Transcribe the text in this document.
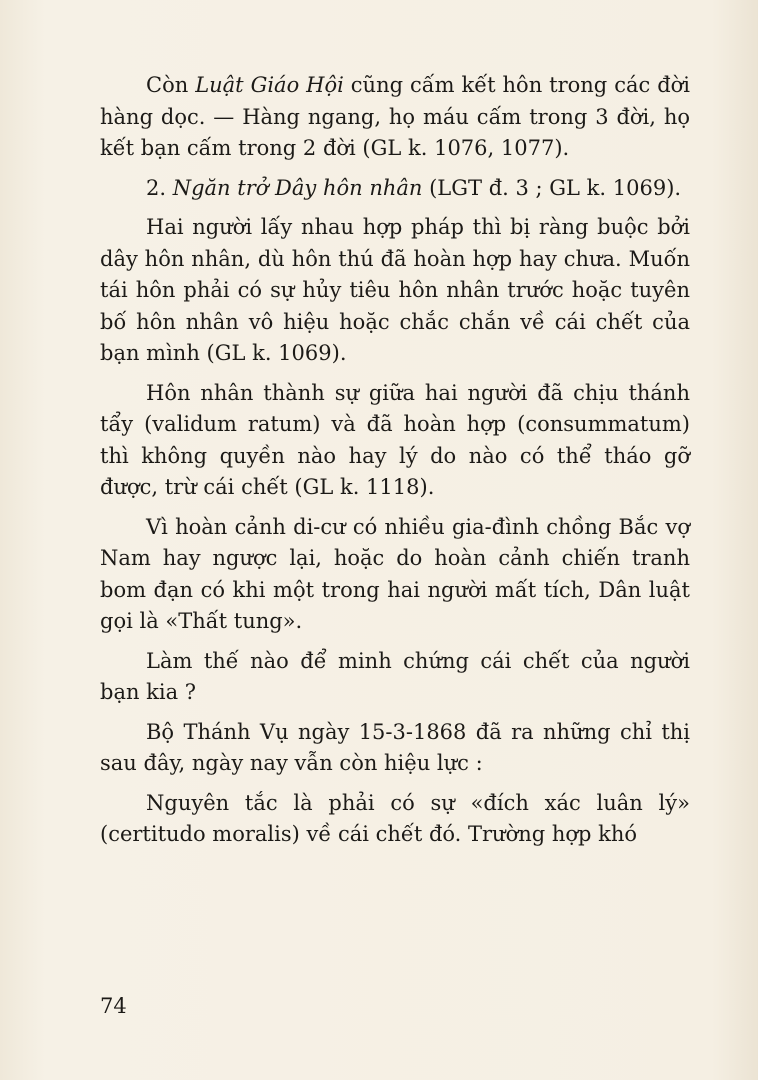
Còn Luật Giáo Hội cũng cấm kết hôn trong các đời hàng dọc. — Hàng ngang, họ máu cấm trong 3 đời, họ kết bạn cấm trong 2 đời (GL k. 1076, 1077).

2. Ngăn trở Dây hôn nhân (LGT đ. 3 ; GL k. 1069).

Hai người lấy nhau hợp pháp thì bị ràng buộc bởi dây hôn nhân, dù hôn thú đã hoàn hợp hay chưa. Muốn tái hôn phải có sự hủy tiêu hôn nhân trước hoặc tuyên bố hôn nhân vô hiệu hoặc chắc chắn về cái chết của bạn mình (GL k. 1069).

Hôn nhân thành sự giữa hai người đã chịu thánh tẩy (validum ratum) và đã hoàn hợp (consummatum) thì không quyền nào hay lý do nào có thể tháo gỡ được, trừ cái chết (GL k. 1118).

Vì hoàn cảnh di-cư có nhiều gia-đình chồng Bắc vợ Nam hay ngược lại, hoặc do hoàn cảnh chiến tranh bom đạn có khi một trong hai người mất tích, Dân luật gọi là «Thất tung».

Làm thế nào để minh chứng cái chết của người bạn kia ?

Bộ Thánh Vụ ngày 15-3-1868 đã ra những chỉ thị sau đây, ngày nay vẫn còn hiệu lực :

Nguyên tắc là phải có sự «đích xác luân lý» (certitudo moralis) về cái chết đó. Trường hợp khó

74
